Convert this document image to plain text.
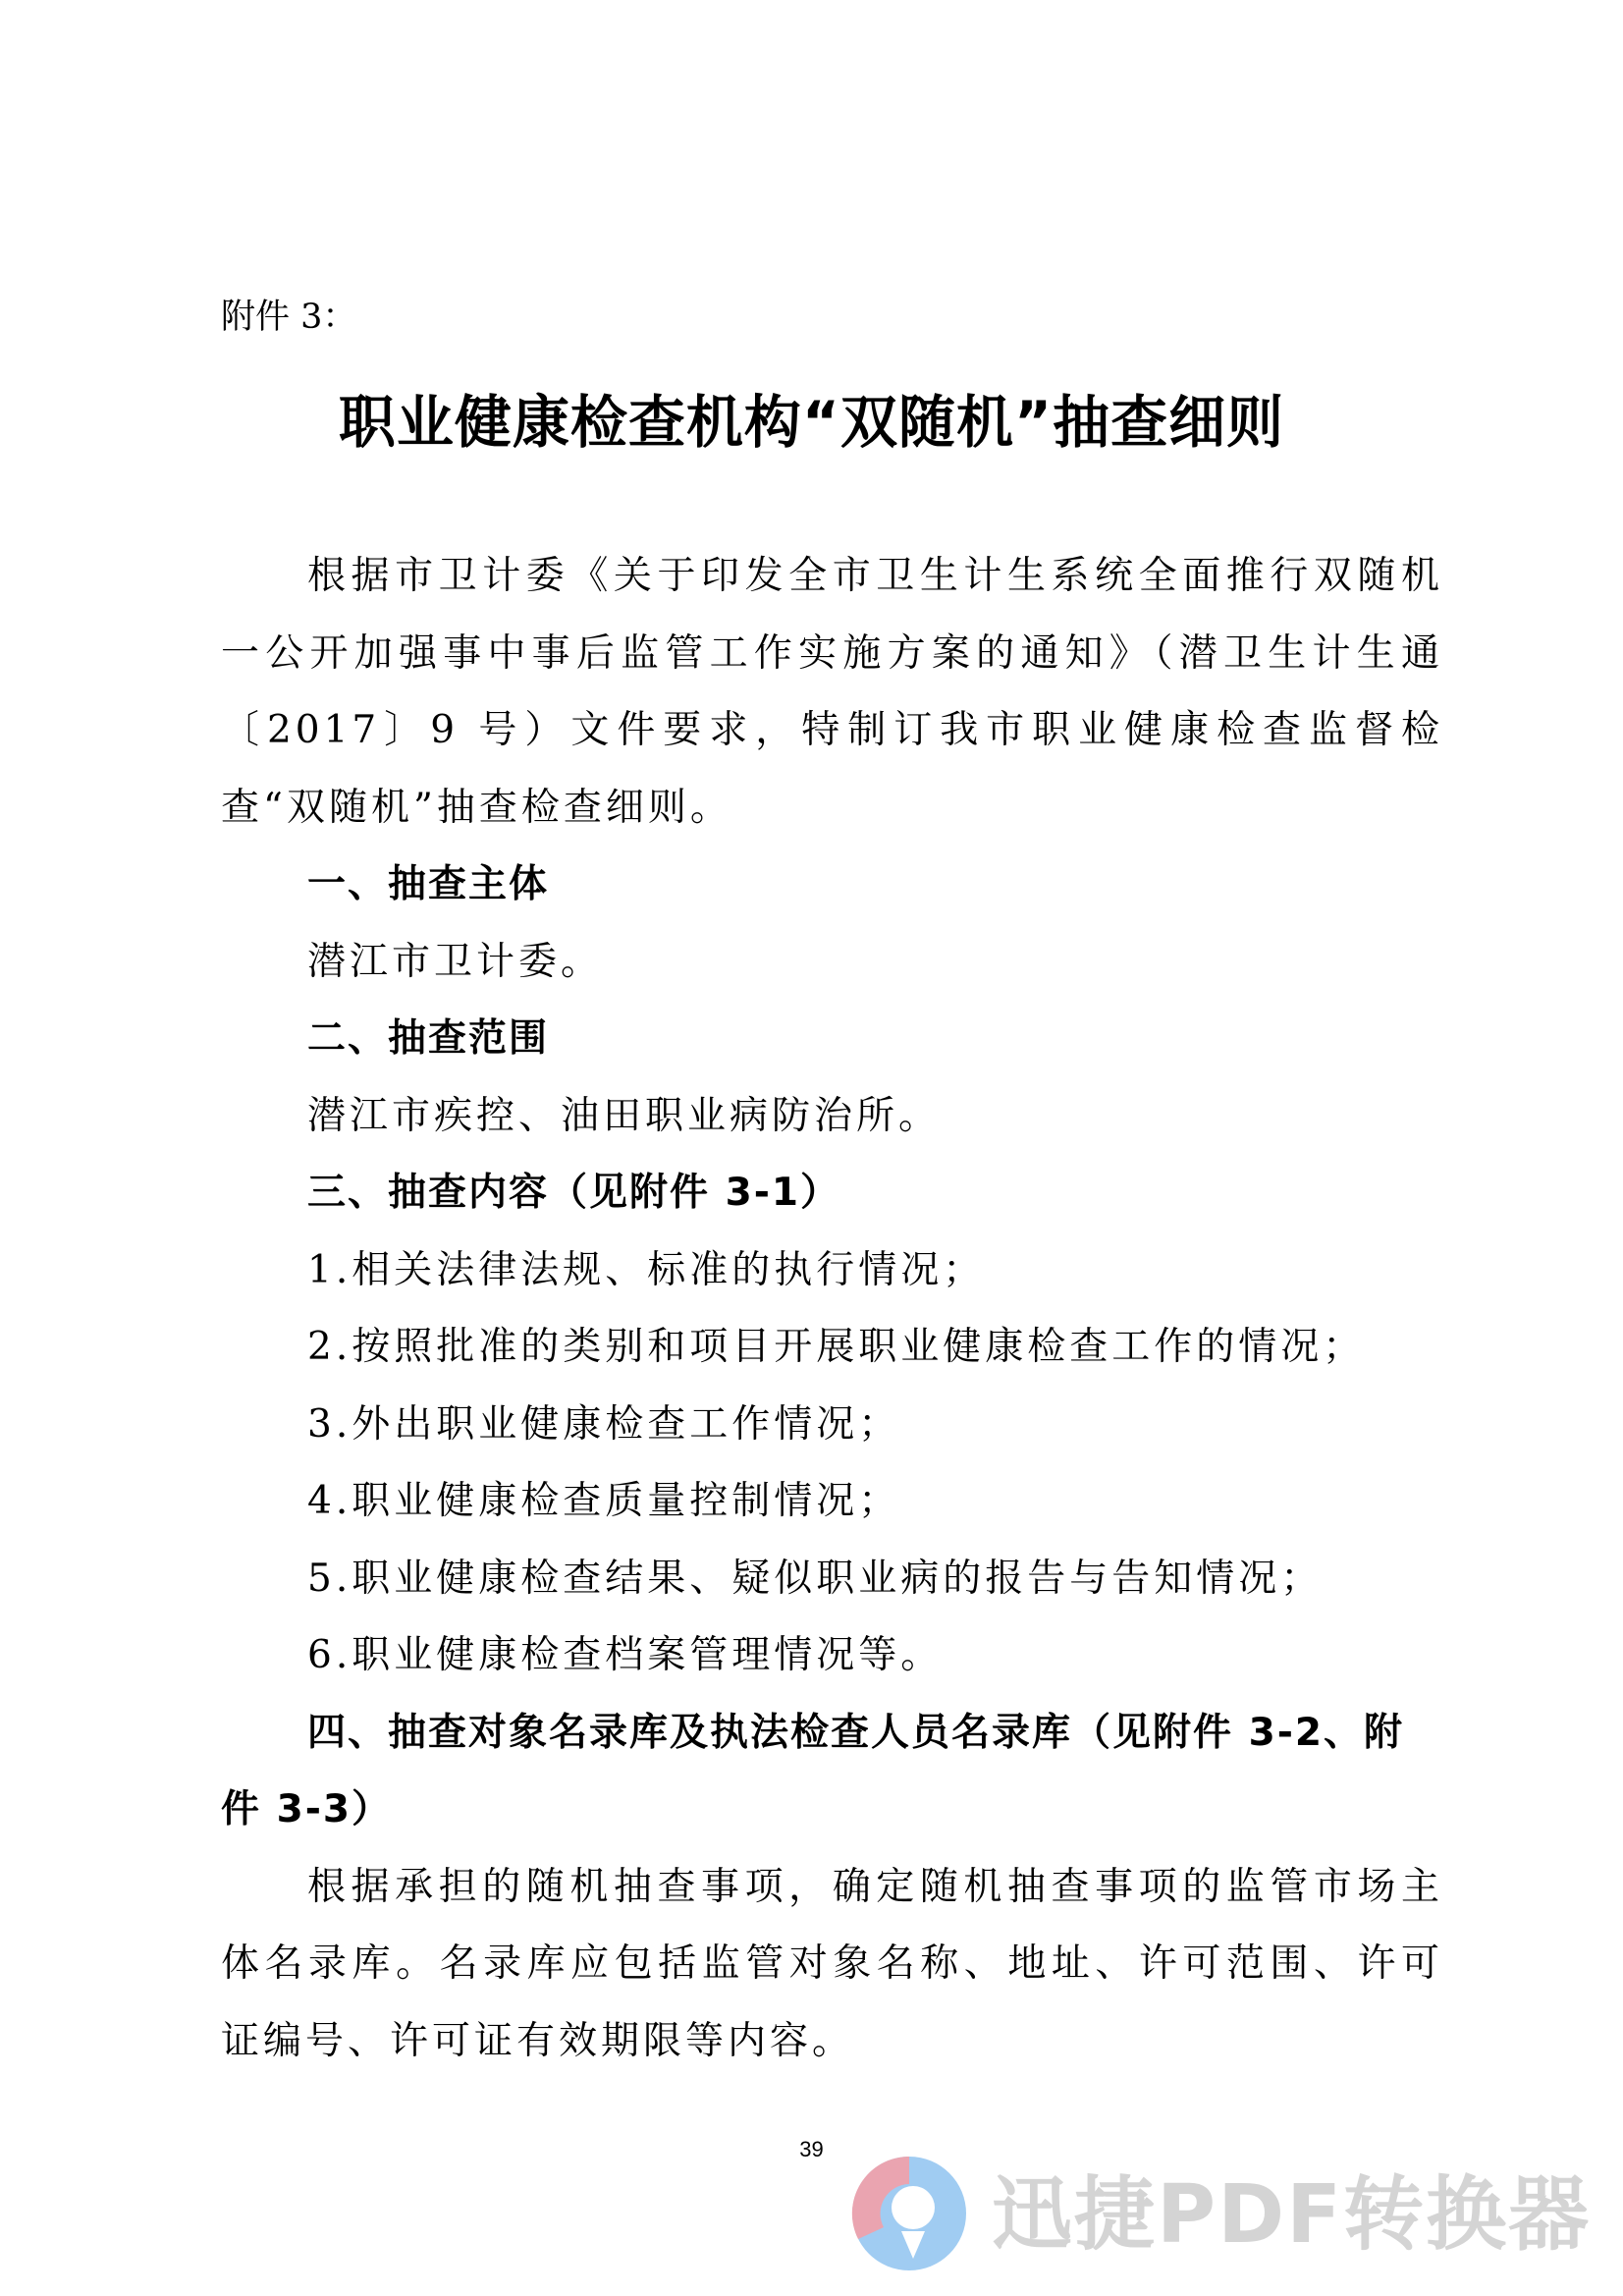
附件 3：
职业健康检查机构“双随机”抽查细则

根据市卫计委《关于印发全市卫生计生系统全面推行双随机一公开加强事中事后监管工作实施方案的通知》（潜卫生计生通〔2017〕9 号）文件要求，特制订我市职业健康检查监督检查“双随机”抽查检查细则。

一、抽查主体

潜江市卫计委。

二、抽查范围

潜江市疾控、油田职业病防治所。

三、抽查内容（见附件 3-1）

1.相关法律法规、标准的执行情况；

2.按照批准的类别和项目开展职业健康检查工作的情况；

3.外出职业健康检查工作情况；

4.职业健康检查质量控制情况；

5.职业健康检查结果、疑似职业病的报告与告知情况；

6.职业健康检查档案管理情况等。

四、抽查对象名录库及执法检查人员名录库（见附件 3-2、附件 3-3）

根据承担的随机抽查事项，确定随机抽查事项的监管市场主体名录库。名录库应包括监管对象名称、地址、许可范围、许可证编号、许可证有效期限等内容。

39
迅捷PDF转换器
